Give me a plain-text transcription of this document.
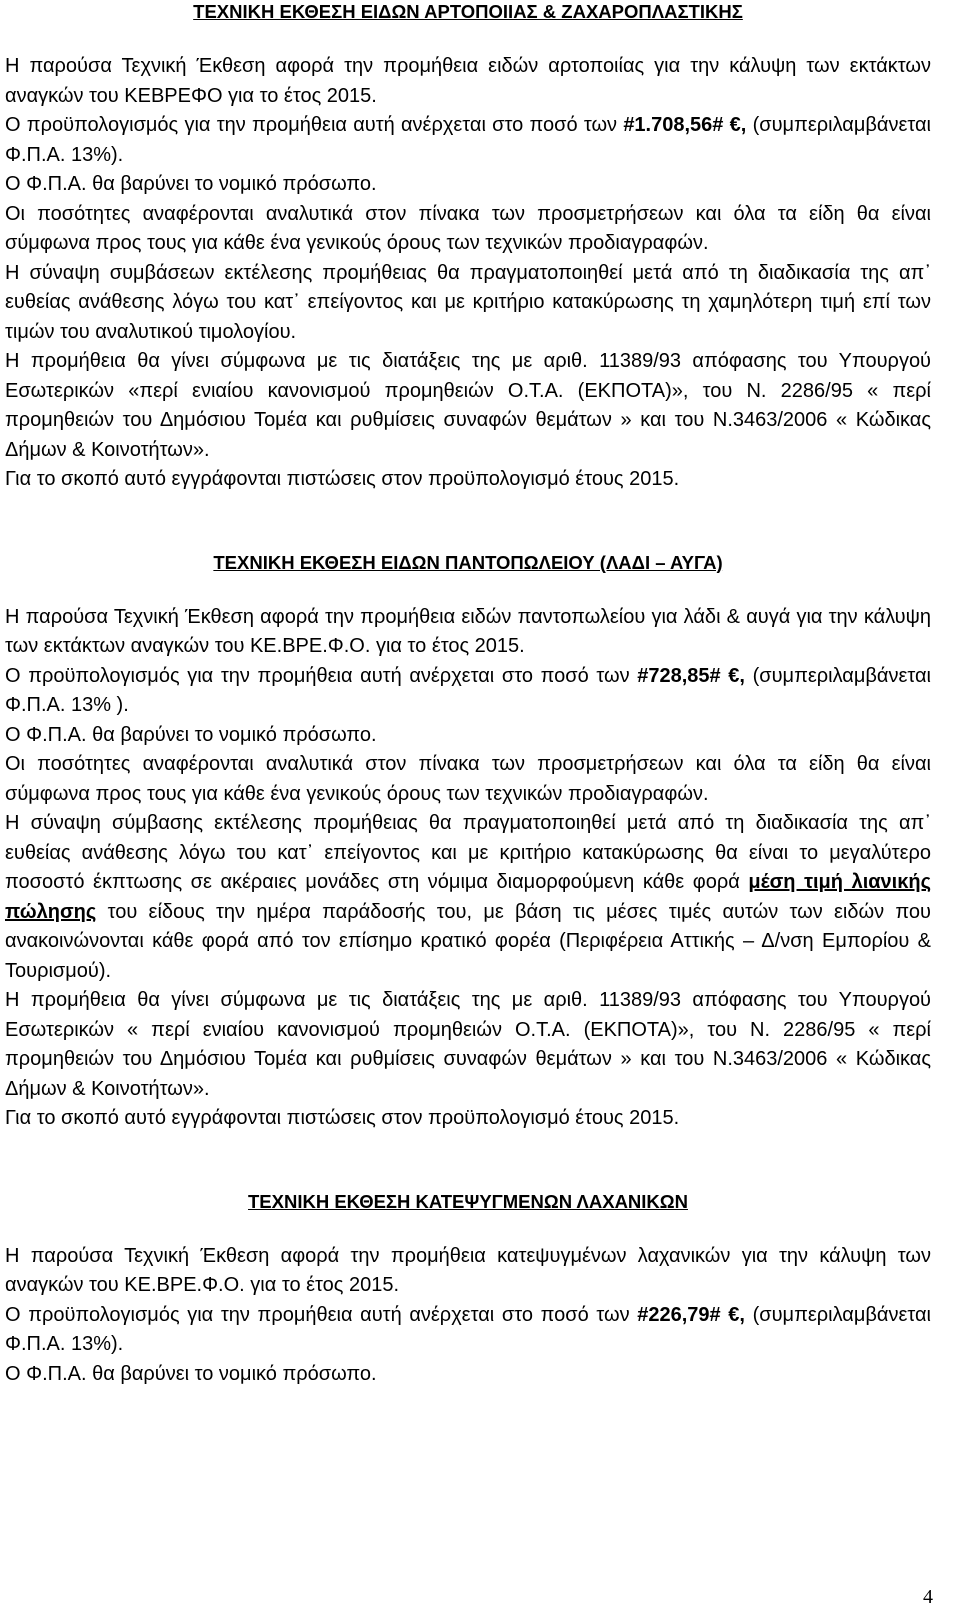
ΤΕΧΝΙΚΗ ΕΚΘΕΣΗ ΕΙΔΩΝ ΑΡΤΟΠΟΙΙΑΣ & ΖΑΧΑΡΟΠΛΑΣΤΙΚΗΣ

Η παρούσα Τεχνική Έκθεση αφορά την προμήθεια ειδών αρτοποιίας για την κάλυψη των εκτάκτων αναγκών του ΚΕΒΡΕΦΟ για το έτος 2015.

Ο προϋπολογισμός για την προμήθεια αυτή ανέρχεται στο ποσό των #1.708,56# €, (συμπεριλαμβάνεται Φ.Π.Α. 13%).

Ο Φ.Π.Α. θα βαρύνει το νομικό πρόσωπο.

Οι ποσότητες αναφέρονται αναλυτικά στον πίνακα των προσμετρήσεων και όλα τα είδη θα είναι σύμφωνα προς τους για κάθε ένα γενικούς όρους των τεχνικών προδιαγραφών.

Η σύναψη συμβάσεων εκτέλεσης προμήθειας θα πραγματοποιηθεί μετά από τη διαδικασία της απ᾽ ευθείας ανάθεσης λόγω του κατ᾽ επείγοντος και με κριτήριο κατακύρωσης τη χαμηλότερη τιμή επί των τιμών του αναλυτικού τιμολογίου.

Η προμήθεια θα γίνει σύμφωνα με τις διατάξεις της με αριθ. 11389/93 απόφασης του Υπουργού Εσωτερικών «περί ενιαίου κανονισμού προμηθειών Ο.Τ.Α. (ΕΚΠΟΤΑ)», του Ν. 2286/95 « περί προμηθειών του Δημόσιου Τομέα και ρυθμίσεις συναφών θεμάτων » και του Ν.3463/2006 « Κώδικας Δήμων & Κοινοτήτων».

Για το σκοπό αυτό εγγράφονται πιστώσεις στον προϋπολογισμό έτους 2015.

ΤΕΧΝΙΚΗ ΕΚΘΕΣΗ ΕΙΔΩΝ ΠΑΝΤΟΠΩΛΕΙΟΥ (ΛΑΔΙ – ΑΥΓΑ)

Η παρούσα Τεχνική Έκθεση αφορά την προμήθεια ειδών παντοπωλείου για λάδι & αυγά για την κάλυψη των εκτάκτων αναγκών του ΚΕ.ΒΡΕ.Φ.Ο. για το έτος 2015.

Ο προϋπολογισμός για την προμήθεια αυτή ανέρχεται στο ποσό των #728,85# €, (συμπεριλαμβάνεται Φ.Π.Α. 13% ).

Ο Φ.Π.Α. θα βαρύνει το νομικό πρόσωπο.

Οι ποσότητες αναφέρονται αναλυτικά στον πίνακα των προσμετρήσεων και όλα τα είδη θα είναι σύμφωνα προς τους για κάθε ένα γενικούς όρους των τεχνικών προδιαγραφών.

Η σύναψη σύμβασης εκτέλεσης προμήθειας θα πραγματοποιηθεί μετά από τη διαδικασία της απ᾽ ευθείας ανάθεσης λόγω του κατ᾽ επείγοντος και με κριτήριο κατακύρωσης θα είναι το μεγαλύτερο ποσοστό έκπτωσης σε ακέραιες μονάδες στη νόμιμα διαμορφούμενη κάθε φορά μέση τιμή λιανικής πώλησης του είδους την ημέρα παράδοσής του, με βάση τις μέσες τιμές αυτών των ειδών που ανακοινώνονται κάθε φορά από τον επίσημο κρατικό φορέα (Περιφέρεια Αττικής – Δ/νση Εμπορίου & Τουρισμού).

Η προμήθεια θα γίνει σύμφωνα με τις διατάξεις της με αριθ. 11389/93 απόφασης του Υπουργού Εσωτερικών « περί ενιαίου κανονισμού προμηθειών Ο.Τ.Α. (ΕΚΠΟΤΑ)», του Ν. 2286/95 « περί προμηθειών του Δημόσιου Τομέα και ρυθμίσεις συναφών θεμάτων » και του Ν.3463/2006 « Κώδικας Δήμων & Κοινοτήτων».

Για το σκοπό αυτό εγγράφονται πιστώσεις στον προϋπολογισμό έτους 2015.

ΤΕΧΝΙΚΗ ΕΚΘΕΣΗ ΚΑΤΕΨΥΓΜΕΝΩΝ ΛΑΧΑΝΙΚΩΝ

Η παρούσα Τεχνική Έκθεση αφορά την προμήθεια κατεψυγμένων λαχανικών για την κάλυψη των αναγκών του ΚΕ.ΒΡΕ.Φ.Ο. για το έτος 2015.

Ο προϋπολογισμός για την προμήθεια αυτή ανέρχεται στο ποσό των #226,79# €, (συμπεριλαμβάνεται Φ.Π.Α. 13%).

Ο Φ.Π.Α. θα βαρύνει το νομικό πρόσωπο.

4
